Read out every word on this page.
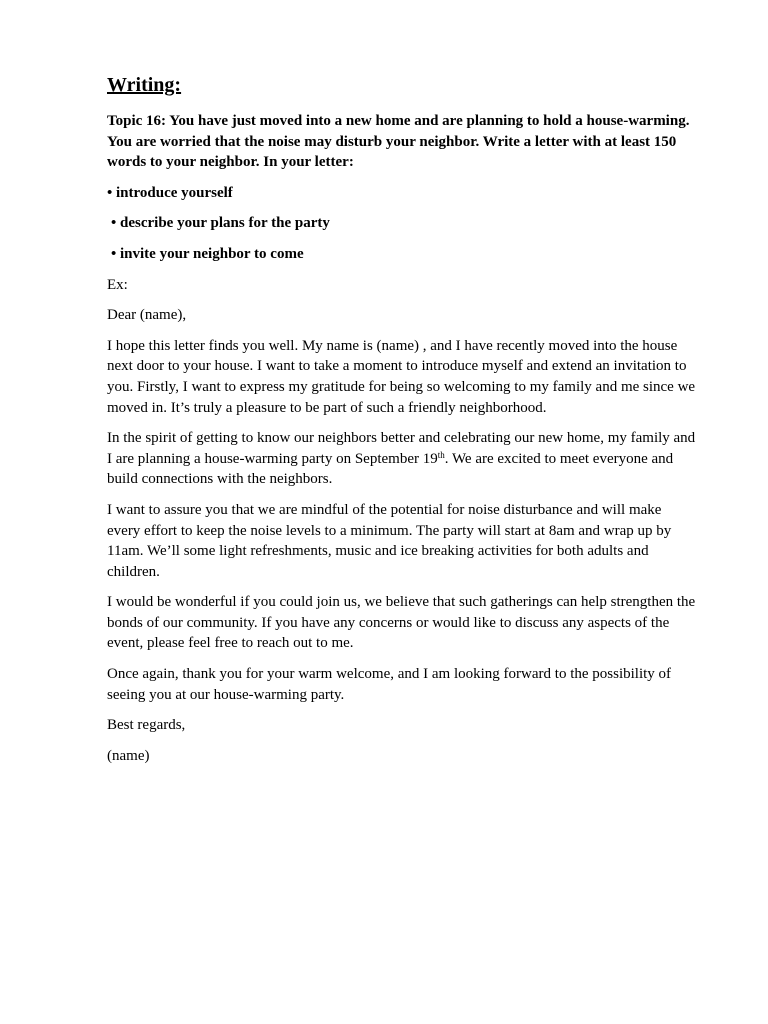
Writing:
Topic 16: You have just moved into a new home and are planning to hold a house-warming. You are worried that the noise may disturb your neighbor. Write a letter with at least 150 words to your neighbor. In your letter:
• introduce yourself
• describe your plans for the party
• invite your neighbor to come
Ex:
Dear (name),
I hope this letter finds you well. My name is (name) , and I have recently moved into the house next door to your house. I want to take a moment to introduce myself and extend an invitation to you. Firstly, I want to express my gratitude for being so welcoming to my family and me since we moved in. It’s truly a pleasure to be part of such a friendly neighborhood.
In the spirit of getting to know our neighbors better and celebrating our new home, my family and I are planning a house-warming party on September 19th. We are excited to meet everyone and build connections with the neighbors.
I want to assure you that we are mindful of the potential for noise disturbance and will make every effort to keep the noise levels to a minimum. The party will start at 8am and wrap up by 11am. We’ll some light refreshments, music and ice breaking activities for both adults and children.
I would be wonderful if you could join us, we believe that such gatherings can help strengthen the bonds of our community. If you have any concerns or would like to discuss any aspects of the event, please feel free to reach out to me.
Once again, thank you for your warm welcome, and I am looking forward to the possibility of seeing you at our house-warming party.
Best regards,
(name)
